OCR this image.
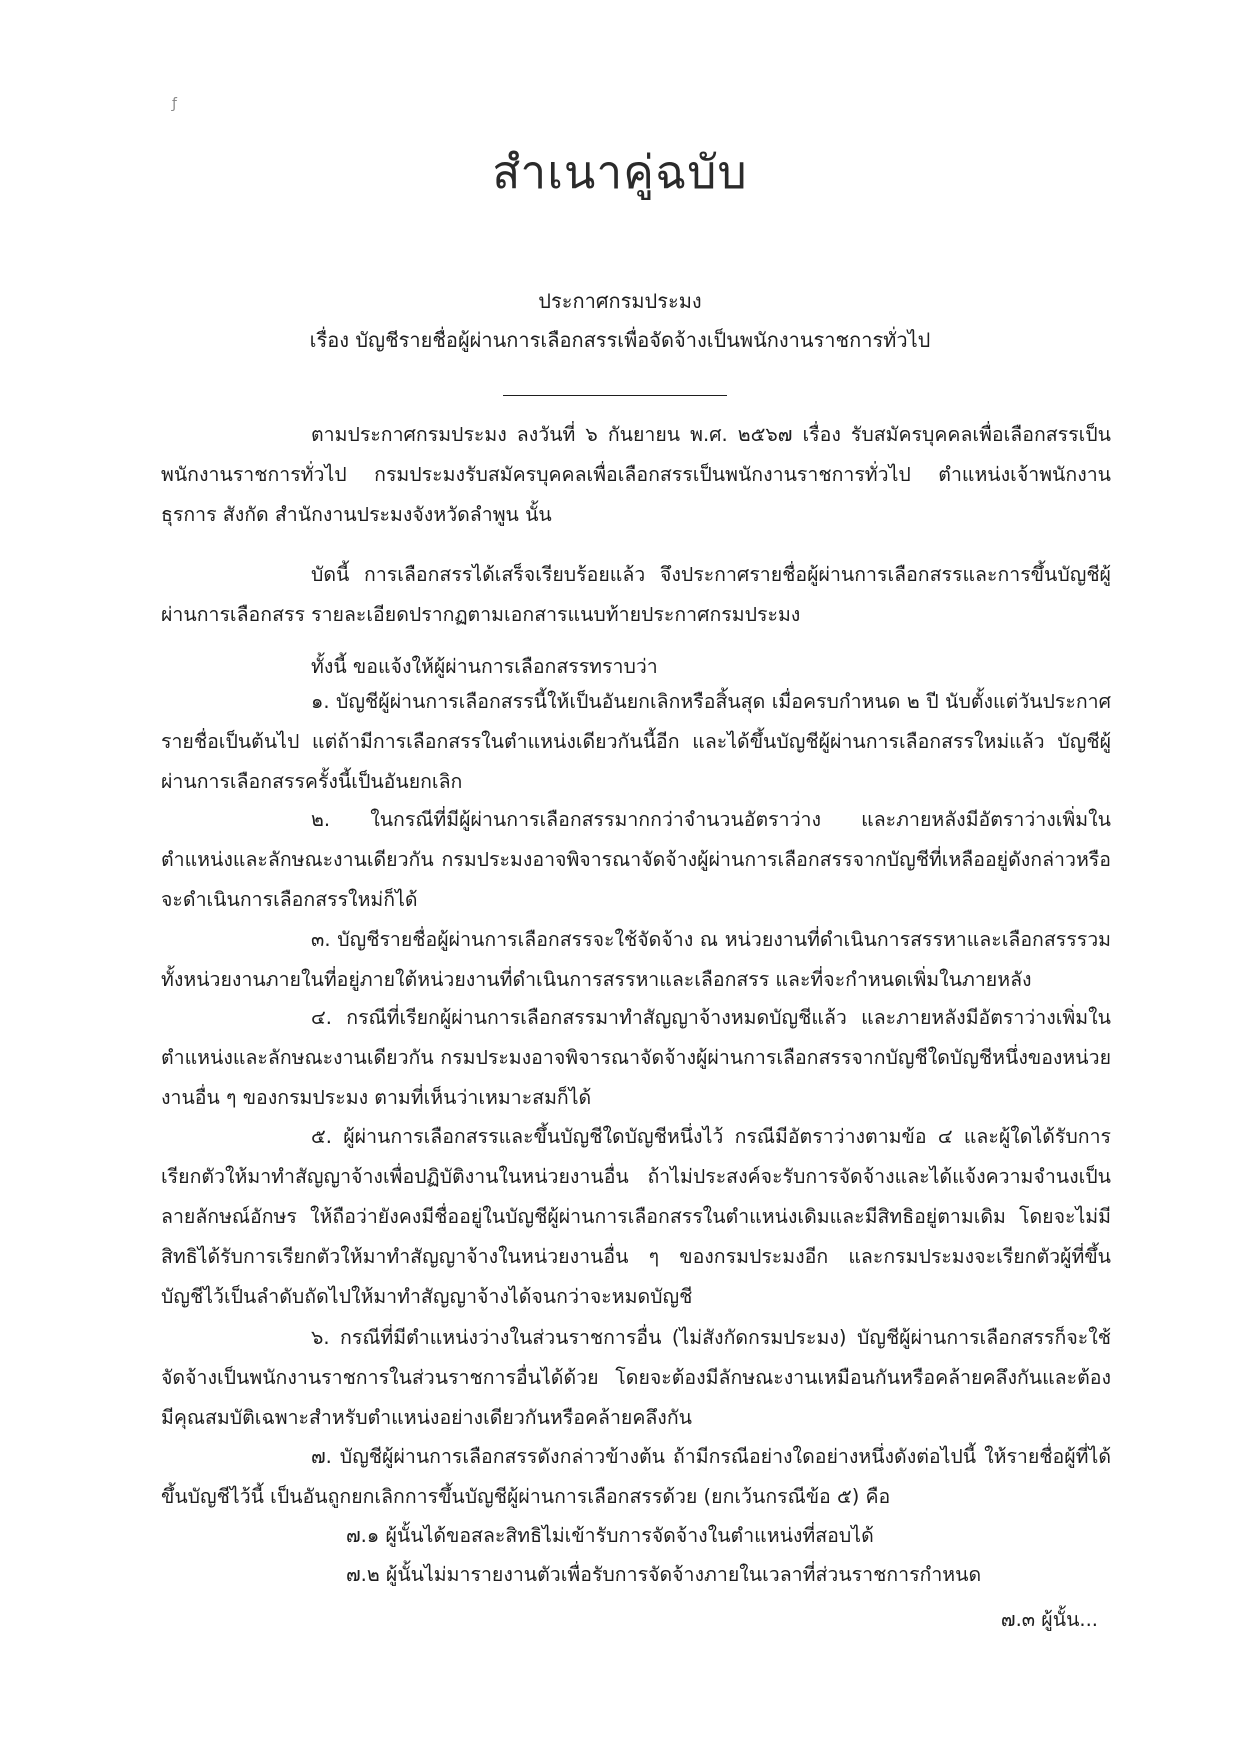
ƒ
สำเนาคู่ฉบับ
ประกาศกรมประมง
เรื่อง บัญชีรายชื่อผู้ผ่านการเลือกสรรเพื่อจัดจ้างเป็นพนักงานราชการทั่วไป

ตามประกาศกรมประมง ลงวันที่ ๖ กันยายน พ.ศ. ๒๕๖๗ เรื่อง รับสมัครบุคคลเพื่อเลือกสรรเป็นพนักงานราชการทั่วไป กรมประมงรับสมัครบุคคลเพื่อเลือกสรรเป็นพนักงานราชการทั่วไป ตำแหน่งเจ้าพนักงานธุรการ สังกัด สำนักงานประมงจังหวัดลำพูน นั้น

บัดนี้ การเลือกสรรได้เสร็จเรียบร้อยแล้ว จึงประกาศรายชื่อผู้ผ่านการเลือกสรรและการขึ้นบัญชีผู้ผ่านการเลือกสรร รายละเอียดปรากฏตามเอกสารแนบท้ายประกาศกรมประมง

ทั้งนี้ ขอแจ้งให้ผู้ผ่านการเลือกสรรทราบว่า

๑. บัญชีผู้ผ่านการเลือกสรรนี้ให้เป็นอันยกเลิกหรือสิ้นสุด เมื่อครบกำหนด ๒ ปี นับตั้งแต่วันประกาศรายชื่อเป็นต้นไป แต่ถ้ามีการเลือกสรรในตำแหน่งเดียวกันนี้อีก และได้ขึ้นบัญชีผู้ผ่านการเลือกสรรใหม่แล้ว บัญชีผู้ผ่านการเลือกสรรครั้งนี้เป็นอันยกเลิก

๒. ในกรณีที่มีผู้ผ่านการเลือกสรรมากกว่าจำนวนอัตราว่าง และภายหลังมีอัตราว่างเพิ่มในตำแหน่งและลักษณะงานเดียวกัน กรมประมงอาจพิจารณาจัดจ้างผู้ผ่านการเลือกสรรจากบัญชีที่เหลืออยู่ดังกล่าวหรือจะดำเนินการเลือกสรรใหม่ก็ได้

๓. บัญชีรายชื่อผู้ผ่านการเลือกสรรจะใช้จัดจ้าง ณ หน่วยงานที่ดำเนินการสรรหาและเลือกสรรรวมทั้งหน่วยงานภายในที่อยู่ภายใต้หน่วยงานที่ดำเนินการสรรหาและเลือกสรร และที่จะกำหนดเพิ่มในภายหลัง

๔. กรณีที่เรียกผู้ผ่านการเลือกสรรมาทำสัญญาจ้างหมดบัญชีแล้ว และภายหลังมีอัตราว่างเพิ่มในตำแหน่งและลักษณะงานเดียวกัน กรมประมงอาจพิจารณาจัดจ้างผู้ผ่านการเลือกสรรจากบัญชีใดบัญชีหนึ่งของหน่วยงานอื่น ๆ ของกรมประมง ตามที่เห็นว่าเหมาะสมก็ได้

๕. ผู้ผ่านการเลือกสรรและขึ้นบัญชีใดบัญชีหนึ่งไว้ กรณีมีอัตราว่างตามข้อ ๔ และผู้ใดได้รับการเรียกตัวให้มาทำสัญญาจ้างเพื่อปฏิบัติงานในหน่วยงานอื่น ถ้าไม่ประสงค์จะรับการจัดจ้างและได้แจ้งความจำนงเป็นลายลักษณ์อักษร ให้ถือว่ายังคงมีชื่ออยู่ในบัญชีผู้ผ่านการเลือกสรรในตำแหน่งเดิมและมีสิทธิอยู่ตามเดิม โดยจะไม่มีสิทธิได้รับการเรียกตัวให้มาทำสัญญาจ้างในหน่วยงานอื่น ๆ ของกรมประมงอีก และกรมประมงจะเรียกตัวผู้ที่ขึ้นบัญชีไว้เป็นลำดับถัดไปให้มาทำสัญญาจ้างได้จนกว่าจะหมดบัญชี

๖. กรณีที่มีตำแหน่งว่างในส่วนราชการอื่น (ไม่สังกัดกรมประมง) บัญชีผู้ผ่านการเลือกสรรก็จะใช้จัดจ้างเป็นพนักงานราชการในส่วนราชการอื่นได้ด้วย โดยจะต้องมีลักษณะงานเหมือนกันหรือคล้ายคลึงกันและต้องมีคุณสมบัติเฉพาะสำหรับตำแหน่งอย่างเดียวกันหรือคล้ายคลึงกัน

๗. บัญชีผู้ผ่านการเลือกสรรดังกล่าวข้างต้น ถ้ามีกรณีอย่างใดอย่างหนึ่งดังต่อไปนี้ ให้รายชื่อผู้ที่ได้ขึ้นบัญชีไว้นี้ เป็นอันถูกยกเลิกการขึ้นบัญชีผู้ผ่านการเลือกสรรด้วย (ยกเว้นกรณีข้อ ๕) คือ

๗.๑ ผู้นั้นได้ขอสละสิทธิไม่เข้ารับการจัดจ้างในตำแหน่งที่สอบได้
๗.๒ ผู้นั้นไม่มารายงานตัวเพื่อรับการจัดจ้างภายในเวลาที่ส่วนราชการกำหนด
๗.๓ ผู้นั้น...
